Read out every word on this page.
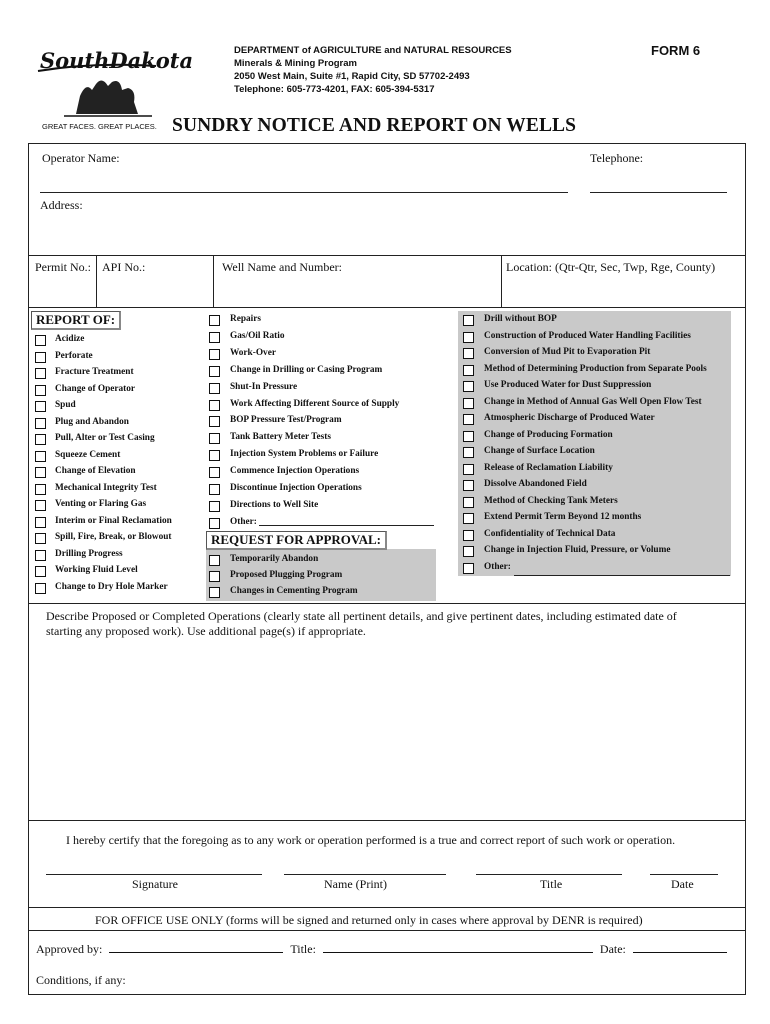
SouthDakota
GREAT FACES. GREAT PLACES.
DEPARTMENT of AGRICULTURE and NATURAL RESOURCES
Minerals & Mining Program
2050 West Main, Suite #1, Rapid City, SD 57702-2493
Telephone: 605-773-4201, FAX: 605-394-5317
FORM 6
SUNDRY NOTICE AND REPORT ON WELLS
Operator Name:	Telephone:
Address:
Permit No.: API No.:	Well Name and Number:	Location: (Qtr-Qtr, Sec, Twp, Rge, County)
REPORT OF:
REQUEST FOR APPROVAL:
Acidize
Perforate
Fracture Treatment
Change of Operator
Spud
Plug and Abandon
Pull, Alter or Test Casing
Squeeze Cement
Change of Elevation
Mechanical Integrity Test
Venting or Flaring Gas
Interim or Final Reclamation
Spill, Fire, Break, or Blowout
Drilling Progress
Working Fluid Level
Change to Dry Hole Marker
Repairs
Gas/Oil Ratio
Work-Over
Change in Drilling or Casing Program
Shut-In Pressure
Work Affecting Different Source of Supply
BOP Pressure Test/Program
Tank Battery Meter Tests
Injection System Problems or Failure
Commence Injection Operations
Discontinue Injection Operations
Directions to Well Site
Other:
Temporarily Abandon
Proposed Plugging Program
Changes in Cementing Program
Drill without BOP
Construction of Produced Water Handling Facilities
Conversion of Mud Pit to Evaporation Pit
Method of Determining Production from Separate Pools
Use Produced Water for Dust Suppression
Change in Method of Annual Gas Well Open Flow Test
Atmospheric Discharge of Produced Water
Change of Producing Formation
Change of Surface Location
Release of Reclamation Liability
Dissolve Abandoned Field
Method of Checking Tank Meters
Extend Permit Term Beyond 12 months
Confidentiality of Technical Data
Change in Injection Fluid, Pressure, or Volume
Other:
Describe Proposed or Completed Operations (clearly state all pertinent details, and give pertinent dates, including estimated date of
starting any proposed work). Use additional page(s) if appropriate.
I hereby certify that the foregoing as to any work or operation performed is a true and correct report of such work or operation.
Signature	Name (Print)	Title	Date
FOR OFFICE USE ONLY (forms will be signed and returned only in cases where approval by DENR is required)
Approved by:	Title:	Date:
Conditions, if any:
